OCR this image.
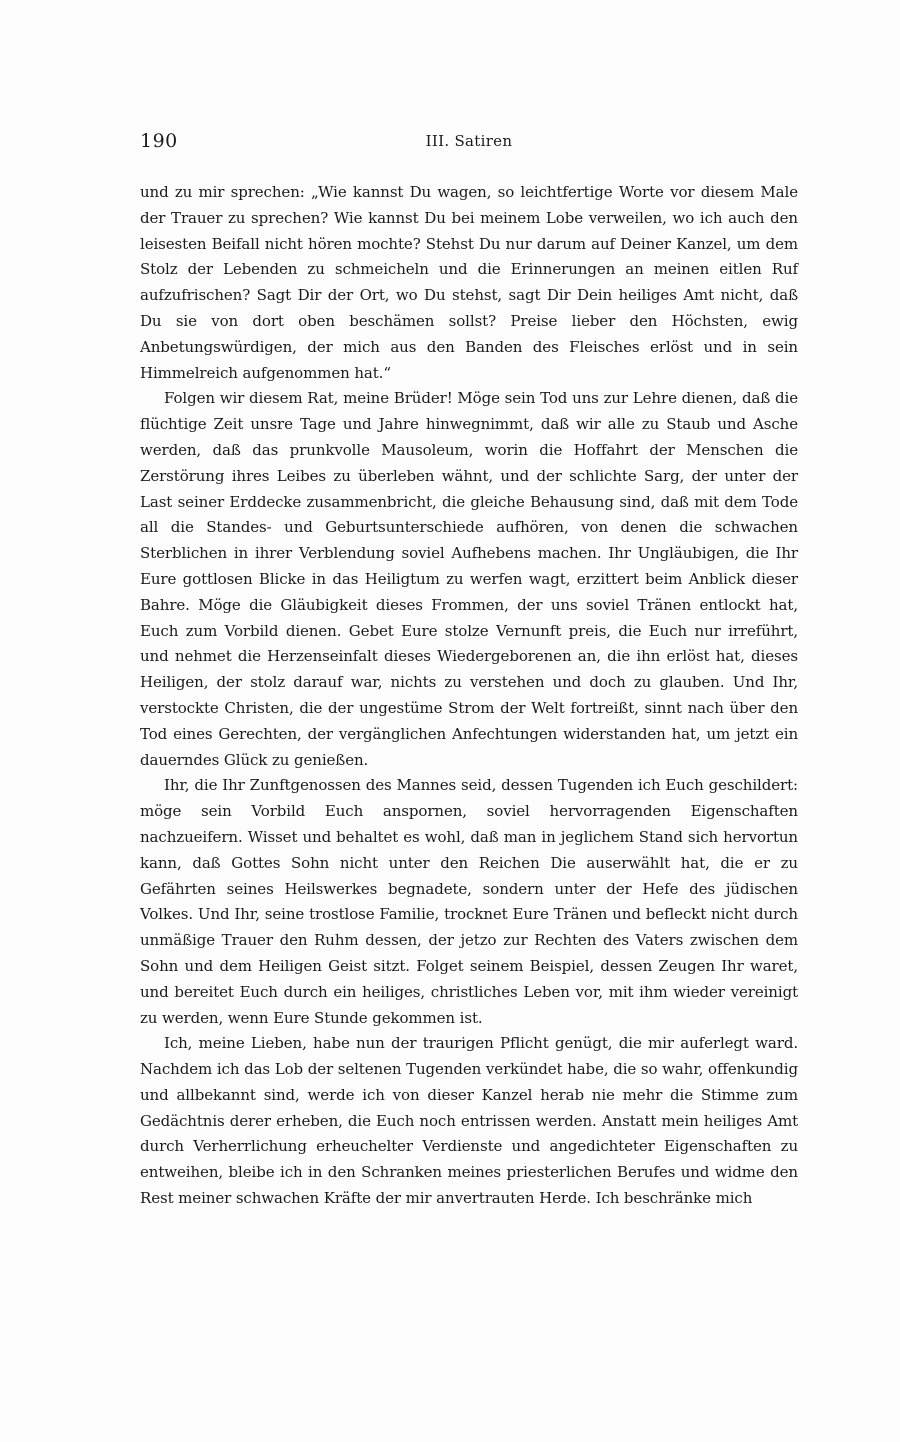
190	III. Satiren

und zu mir sprechen: „Wie kannst Du wagen, so leichtfertige Worte vor diesem Male der Trauer zu sprechen? Wie kannst Du bei meinem Lobe verweilen, wo ich auch den leisesten Beifall nicht hören mochte? Stehst Du nur darum auf Deiner Kanzel, um dem Stolz der Lebenden zu schmeicheln und die Erinnerungen an meinen eitlen Ruf aufzufrischen? Sagt Dir der Ort, wo Du stehst, sagt Dir Dein heiliges Amt nicht, daß Du sie von dort oben beschämen sollst? Preise lieber den Höchsten, ewig Anbetungswürdigen, der mich aus den Banden des Fleisches erlöst und in sein Himmelreich aufgenommen hat.“

Folgen wir diesem Rat, meine Brüder! Möge sein Tod uns zur Lehre dienen, daß die flüchtige Zeit unsre Tage und Jahre hinwegnimmt, daß wir alle zu Staub und Asche werden, daß das prunkvolle Mausoleum, worin die Hoffahrt der Menschen die Zerstörung ihres Leibes zu überleben wähnt, und der schlichte Sarg, der unter der Last seiner Erddecke zusammenbricht, die gleiche Behausung sind, daß mit dem Tode all die Standes- und Geburtsunterschiede aufhören, von denen die schwachen Sterblichen in ihrer Verblendung soviel Aufhebens machen. Ihr Ungläubigen, die Ihr Eure gottlosen Blicke in das Heiligtum zu werfen wagt, erzittert beim Anblick dieser Bahre. Möge die Gläubigkeit dieses Frommen, der uns soviel Tränen entlockt hat, Euch zum Vorbild dienen. Gebet Eure stolze Vernunft preis, die Euch nur irreführt, und nehmet die Herzenseinfalt dieses Wiedergeborenen an, die ihn erlöst hat, dieses Heiligen, der stolz darauf war, nichts zu verstehen und doch zu glauben. Und Ihr, verstockte Christen, die der ungestüme Strom der Welt fortreißt, sinnt nach über den Tod eines Gerechten, der vergänglichen Anfechtungen widerstanden hat, um jetzt ein dauerndes Glück zu genießen.

Ihr, die Ihr Zunftgenossen des Mannes seid, dessen Tugenden ich Euch geschildert: möge sein Vorbild Euch anspornen, soviel hervorragenden Eigenschaften nachzueifern. Wisset und behaltet es wohl, daß man in jeglichem Stand sich hervortun kann, daß Gottes Sohn nicht unter den Reichen Die auserwählt hat, die er zu Gefährten seines Heilswerkes begnadete, sondern unter der Hefe des jüdischen Volkes. Und Ihr, seine trostlose Familie, trocknet Eure Tränen und befleckt nicht durch unmäßige Trauer den Ruhm dessen, der jetzo zur Rechten des Vaters zwischen dem Sohn und dem Heiligen Geist sitzt. Folget seinem Beispiel, dessen Zeugen Ihr waret, und bereitet Euch durch ein heiliges, christliches Leben vor, mit ihm wieder vereinigt zu werden, wenn Eure Stunde gekommen ist.

Ich, meine Lieben, habe nun der traurigen Pflicht genügt, die mir auferlegt ward. Nachdem ich das Lob der seltenen Tugenden verkündet habe, die so wahr, offenkundig und allbekannt sind, werde ich von dieser Kanzel herab nie mehr die Stimme zum Gedächtnis derer erheben, die Euch noch entrissen werden. Anstatt mein heiliges Amt durch Verherrlichung erheuchelter Verdienste und angedichteter Eigenschaften zu entweihen, bleibe ich in den Schranken meines priesterlichen Berufes und widme den Rest meiner schwachen Kräfte der mir anvertrauten Herde. Ich beschränke mich
